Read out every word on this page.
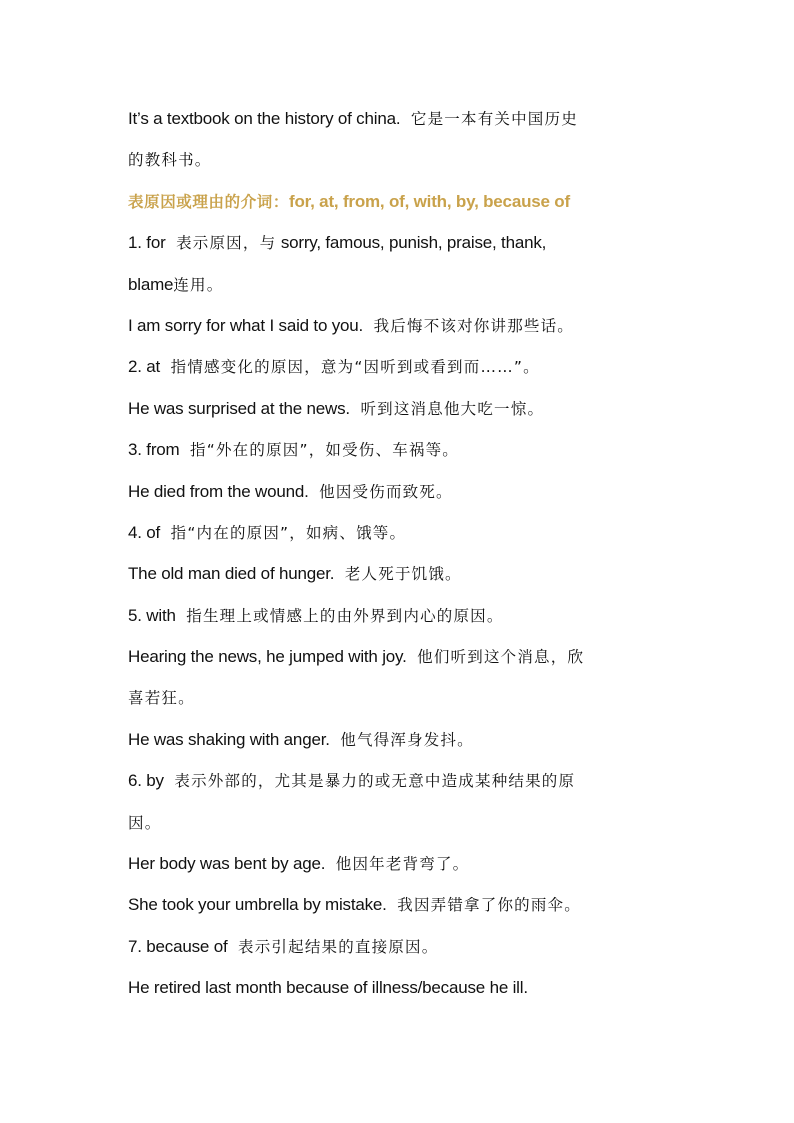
It’s a textbook on the history of china. 它是一本有关中国历史
的教科书。
表原因或理由的介词：for, at, from, of, with, by, because of
1. for 表示原因，与 sorry, famous, punish, praise, thank,
blame连用。
I am sorry for what I said to you. 我后悔不该对你讲那些话。
2. at 指情感变化的原因，意为“因听到或看到而……”。
He was surprised at the news. 听到这消息他大吃一惊。
3. from 指“外在的原因”，如受伤、车祸等。
He died from the wound. 他因受伤而致死。
4. of 指“内在的原因”，如病、饿等。
The old man died of hunger. 老人死于饥饿。
5. with 指生理上或情感上的由外界到内心的原因。
Hearing the news, he jumped with joy. 他们听到这个消息，欣
喜若狂。
He was shaking with anger. 他气得浑身发抖。
6. by 表示外部的，尤其是暴力的或无意中造成某种结果的原
因。
Her body was bent by age. 他因年老背弯了。
She took your umbrella by mistake. 我因弄错拿了你的雨伞。
7. because of 表示引起结果的直接原因。
He retired last month because of illness/because he ill.
